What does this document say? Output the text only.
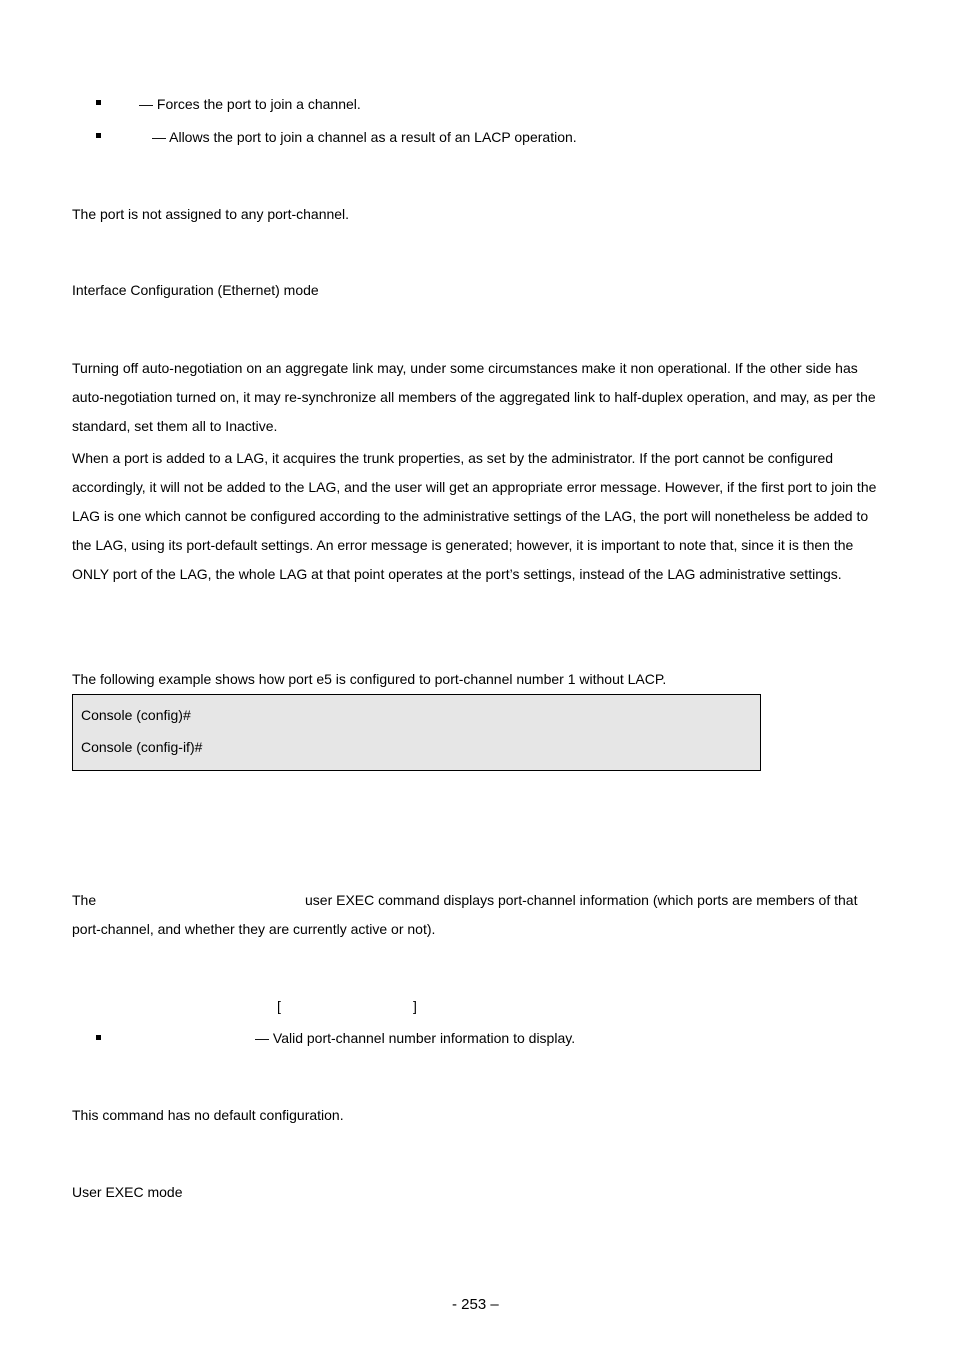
— Forces the port to join a channel.
— Allows the port to join a channel as a result of an LACP operation.
The port is not assigned to any port-channel.
Interface Configuration (Ethernet) mode
Turning off auto-negotiation on an aggregate link may, under some circumstances make it non operational. If the other side has auto-negotiation turned on, it may re-synchronize all members of the aggregated link to half-duplex operation, and may, as per the standard, set them all to Inactive.
When a port is added to a LAG, it acquires the trunk properties, as set by the administrator. If the port cannot be configured accordingly, it will not be added to the LAG, and the user will get an appropriate error message. However, if the first port to join the LAG is one which cannot be configured according to the administrative settings of the LAG, the port will nonetheless be added to the LAG, using its port-default settings. An error message is generated; however, it is important to note that, since it is then the ONLY port of the LAG, the whole LAG at that point operates at the port’s settings, instead of the LAG administrative settings.
The following example shows how port e5 is configured to port-channel number 1 without LACP.
Console (config)#
Console (config-if)#
The	user EXEC command displays port-channel information (which ports are members of that
port-channel, and whether they are currently active or not).
[	]
— Valid port-channel number information to display.
This command has no default configuration.
User EXEC mode
- 253 –
